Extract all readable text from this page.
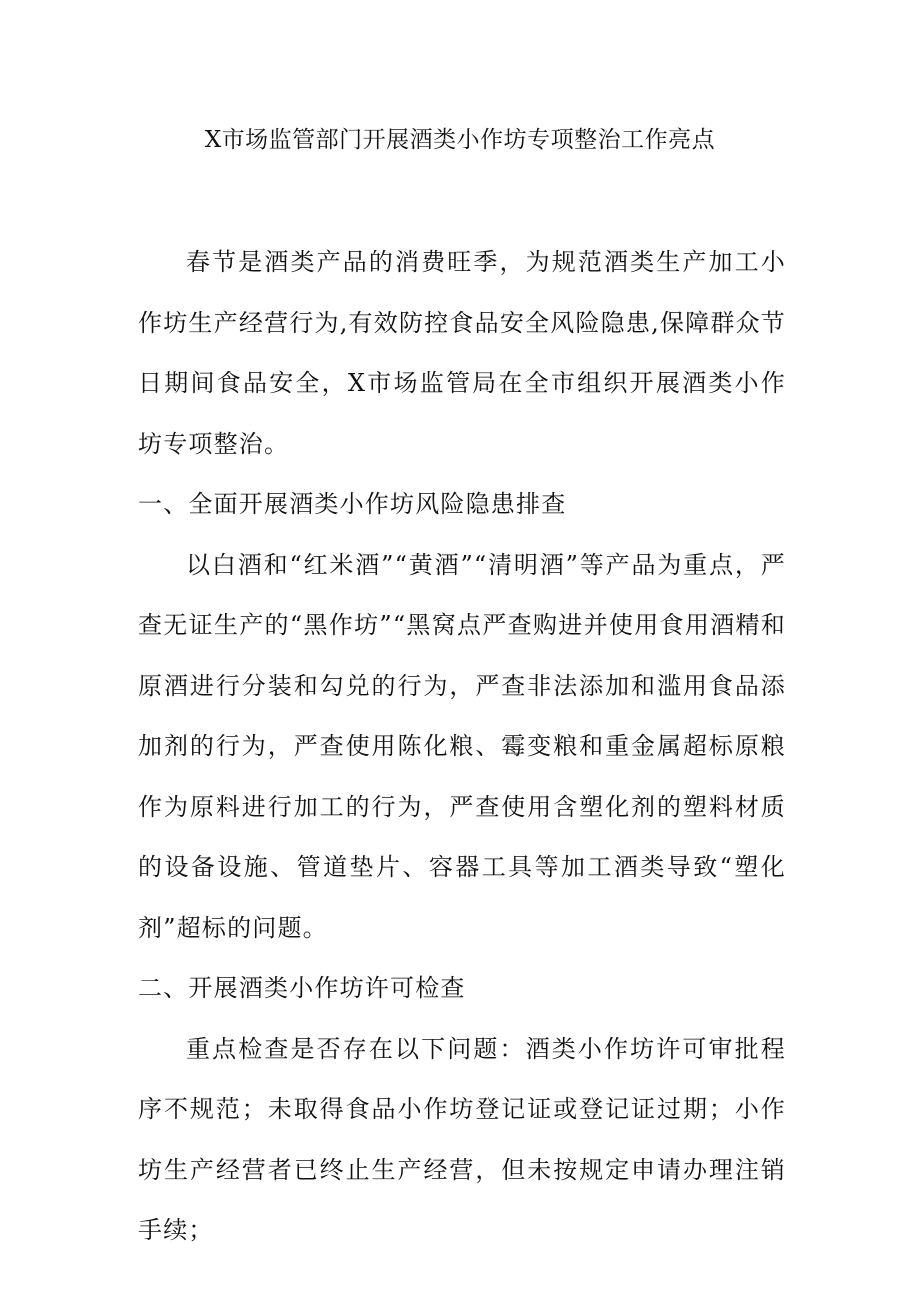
X市场监管部门开展酒类小作坊专项整治工作亮点

春节是酒类产品的消费旺季，为规范酒类生产加工小作坊生产经营行为,有效防控食品安全风险隐患,保障群众节日期间食品安全，X市场监管局在全市组织开展酒类小作坊专项整治。

一、全面开展酒类小作坊风险隐患排查

以白酒和“红米酒”“黄酒”“清明酒”等产品为重点，严查无证生产的“黑作坊”“黑窝点严查购进并使用食用酒精和原酒进行分装和勾兑的行为，严查非法添加和滥用食品添加剂的行为，严查使用陈化粮、霉变粮和重金属超标原粮作为原料进行加工的行为，严查使用含塑化剂的塑料材质的设备设施、管道垫片、容器工具等加工酒类导致“塑化剂”超标的问题。

二、开展酒类小作坊许可检查

重点检查是否存在以下问题：酒类小作坊许可审批程序不规范；未取得食品小作坊登记证或登记证过期；小作坊生产经营者已终止生产经营，但未按规定申请办理注销手续；
